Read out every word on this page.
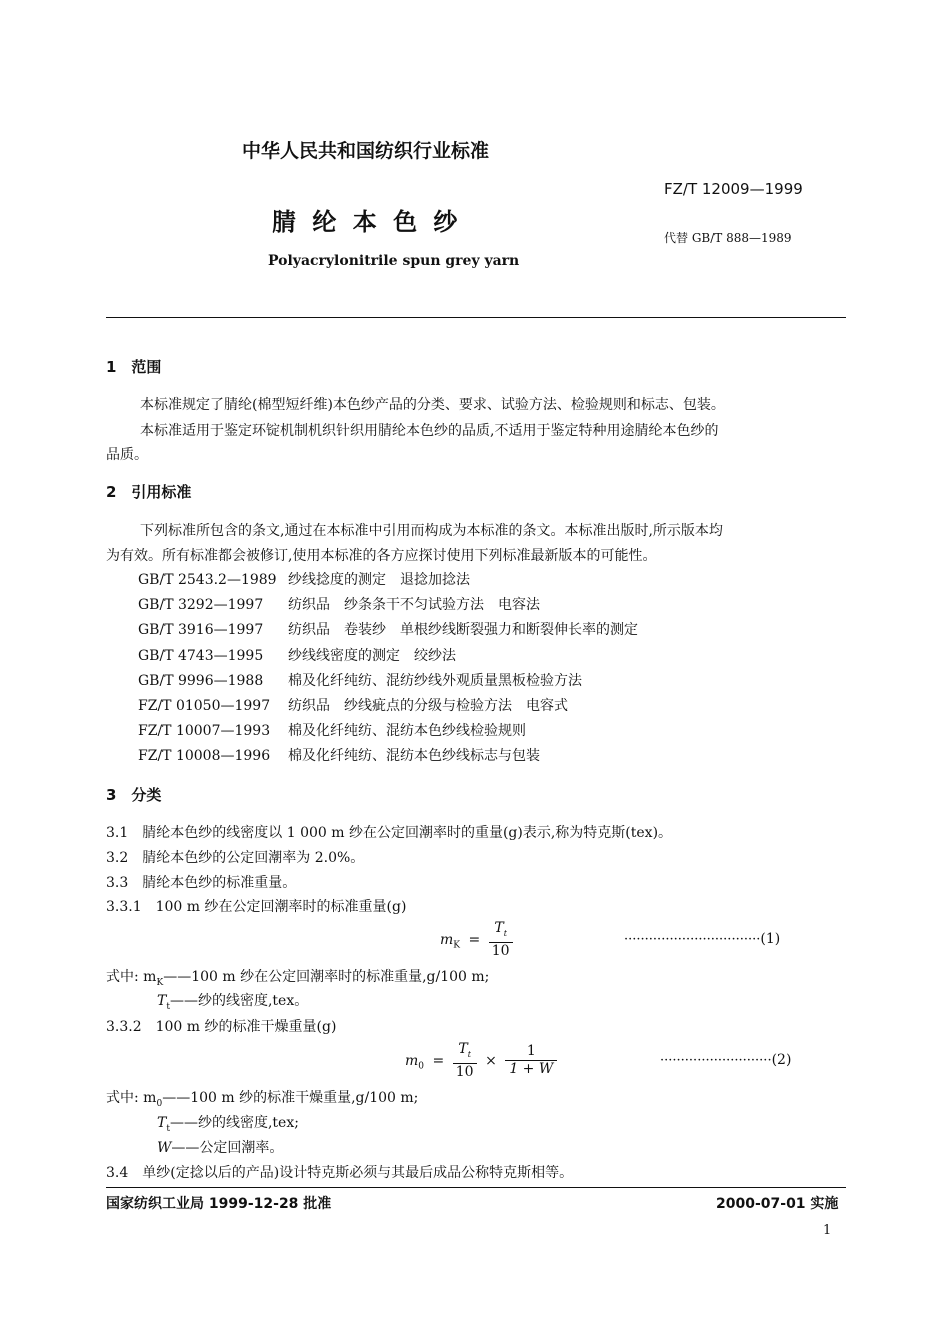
中华人民共和国纺织行业标准
FZ/T 12009—1999
腈 纶 本 色 纱
代替 GB/T 888—1989
Polyacrylonitrile spun grey yarn
1　范围
本标准规定了腈纶(棉型短纤维)本色纱产品的分类、要求、试验方法、检验规则和标志、包装。
本标准适用于鉴定环锭机制机织针织用腈纶本色纱的品质,不适用于鉴定特种用途腈纶本色纱的
品质。
2　引用标准
下列标准所包含的条文,通过在本标准中引用而构成为本标准的条文。本标准出版时,所示版本均
为有效。所有标准都会被修订,使用本标准的各方应探讨使用下列标准最新版本的可能性。
GB/T 2543.2—1989 纱线捻度的测定　退捻加捻法
GB/T 3292—1997 纺织品　纱条条干不匀试验方法　电容法
GB/T 3916—1997 纺织品　卷装纱　单根纱线断裂强力和断裂伸长率的测定
GB/T 4743—1995 纱线线密度的测定　绞纱法
GB/T 9996—1988 棉及化纤纯纺、混纺纱线外观质量黑板检验方法
FZ/T 01050—1997 纺织品　纱线疵点的分级与检验方法　电容式
FZ/T 10007—1993 棉及化纤纯纺、混纺本色纱线检验规则
FZ/T 10008—1996 棉及化纤纯纺、混纺本色纱线标志与包装
3　分类
3.1　腈纶本色纱的线密度以 1 000 m 纱在公定回潮率时的重量(g)表示,称为特克斯(tex)。
3.2　腈纶本色纱的公定回潮率为 2.0%。
3.3　腈纶本色纱的标准重量。
3.3.1　100 m 纱在公定回潮率时的标准重量(g)
$m_K = \frac{T_t}{10}$	·································(1)
式中: $m_K——100$ m 纱在公定回潮率时的标准重量,g/100 m;
$T_t——$纱的线密度,tex。
3.3.2　100 m 纱的标准干燥重量(g)
$m_0 = \frac{T_t}{10} \times \frac{1}{1 + W}$	···························(2)
式中: $m_0——100$ m 纱的标准干燥重量,g/100 m;
$T_t——$纱的线密度,tex;
W——公定回潮率。
3.4　单纱(定捻以后的产品)设计特克斯必须与其最后成品公称特克斯相等。
国家纺织工业局 1999-12-28 批准	2000-07-01 实施
1
